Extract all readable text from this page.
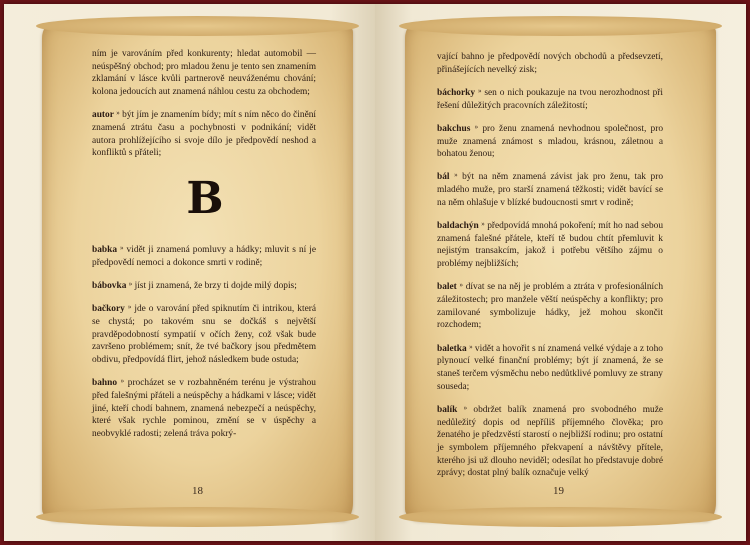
ním je varováním před konkurenty; hledat automobil — neúspěšný obchod; pro mladou ženu je tento sen znamením zklamání v lásce kvůli partnerově neuváženému chování; kolona jedoucích aut znamená náhlou cestu za obchodem;

autor » být jím je znamením bídy; mít s ním něco do činění znamená ztrátu času a pochybnosti v podnikání; vidět autora prohlížejícího si svoje dílo je předpovědí neshod a konfliktů s přáteli;

B

babka » vidět ji znamená pomluvy a hádky; mluvit s ní je předpovědí nemoci a dokonce smrti v rodině;

bábovka » jíst ji znamená, že brzy ti dojde milý dopis;

bačkory » jde o varování před spiknutím či intrikou, která se chystá; po takovém snu se dočkáš s největší pravděpodobností sympatií v očích ženy, což však bude završeno problémem; snít, že tvé bačkory jsou předmětem obdivu, předpovídá flirt, jehož následkem bude ostuda;

bahno » procházet se v rozbahněném terénu je výstrahou před falešnými přáteli a neúspěchy a hádkami v lásce; vidět jiné, kteří chodí bahnem, znamená nebezpečí a neúspěchy, které však rychle pominou, změní se v úspěchy a neobvyklé radosti; zelená tráva pokrý-

18

vající bahno je předpovědí nových obchodů a předsevzetí, přinášejících nevelký zisk;

báchorky » sen o nich poukazuje na tvou nerozhodnost při řešení důležitých pracovních záležitostí;

bakchus » pro ženu znamená nevhodnou společnost, pro muže znamená známost s mladou, krásnou, záletnou a bohatou ženou;

bál » být na něm znamená závist jak pro ženu, tak pro mladého muže, pro starší znamená těžkosti; vidět bavící se na něm ohlašuje v blízké budoucnosti smrt v rodině;

baldachýn » předpovídá mnohá pokoření; mít ho nad sebou znamená falešné přátele, kteří tě budou chtít přemluvit k nejistým transakcím, jakož i potřebu většího zájmu o problémy nejbližších;

balet » dívat se na něj je problém a ztráta v profesionálních záležitostech; pro manžele věští neúspěchy a konflikty; pro zamilované symbolizuje hádky, jež mohou skončit rozchodem;

baletka » vidět a hovořit s ní znamená velké výdaje a z toho plynoucí velké finanční problémy; být jí znamená, že se staneš terčem výsměchu nebo nedůtklivé pomluvy ze strany souseda;

balík » obdržet balík znamená pro svobodného muže nedůležitý dopis od nepříliš příjemného člověka; pro ženatého je předzvěstí starostí o nejbližší rodinu; pro ostatní je symbolem příjemného překvapení a návštěvy přítele, kterého jsi už dlouho neviděl; odesílat ho představuje dobré zprávy; dostat plný balík označuje velký

19
